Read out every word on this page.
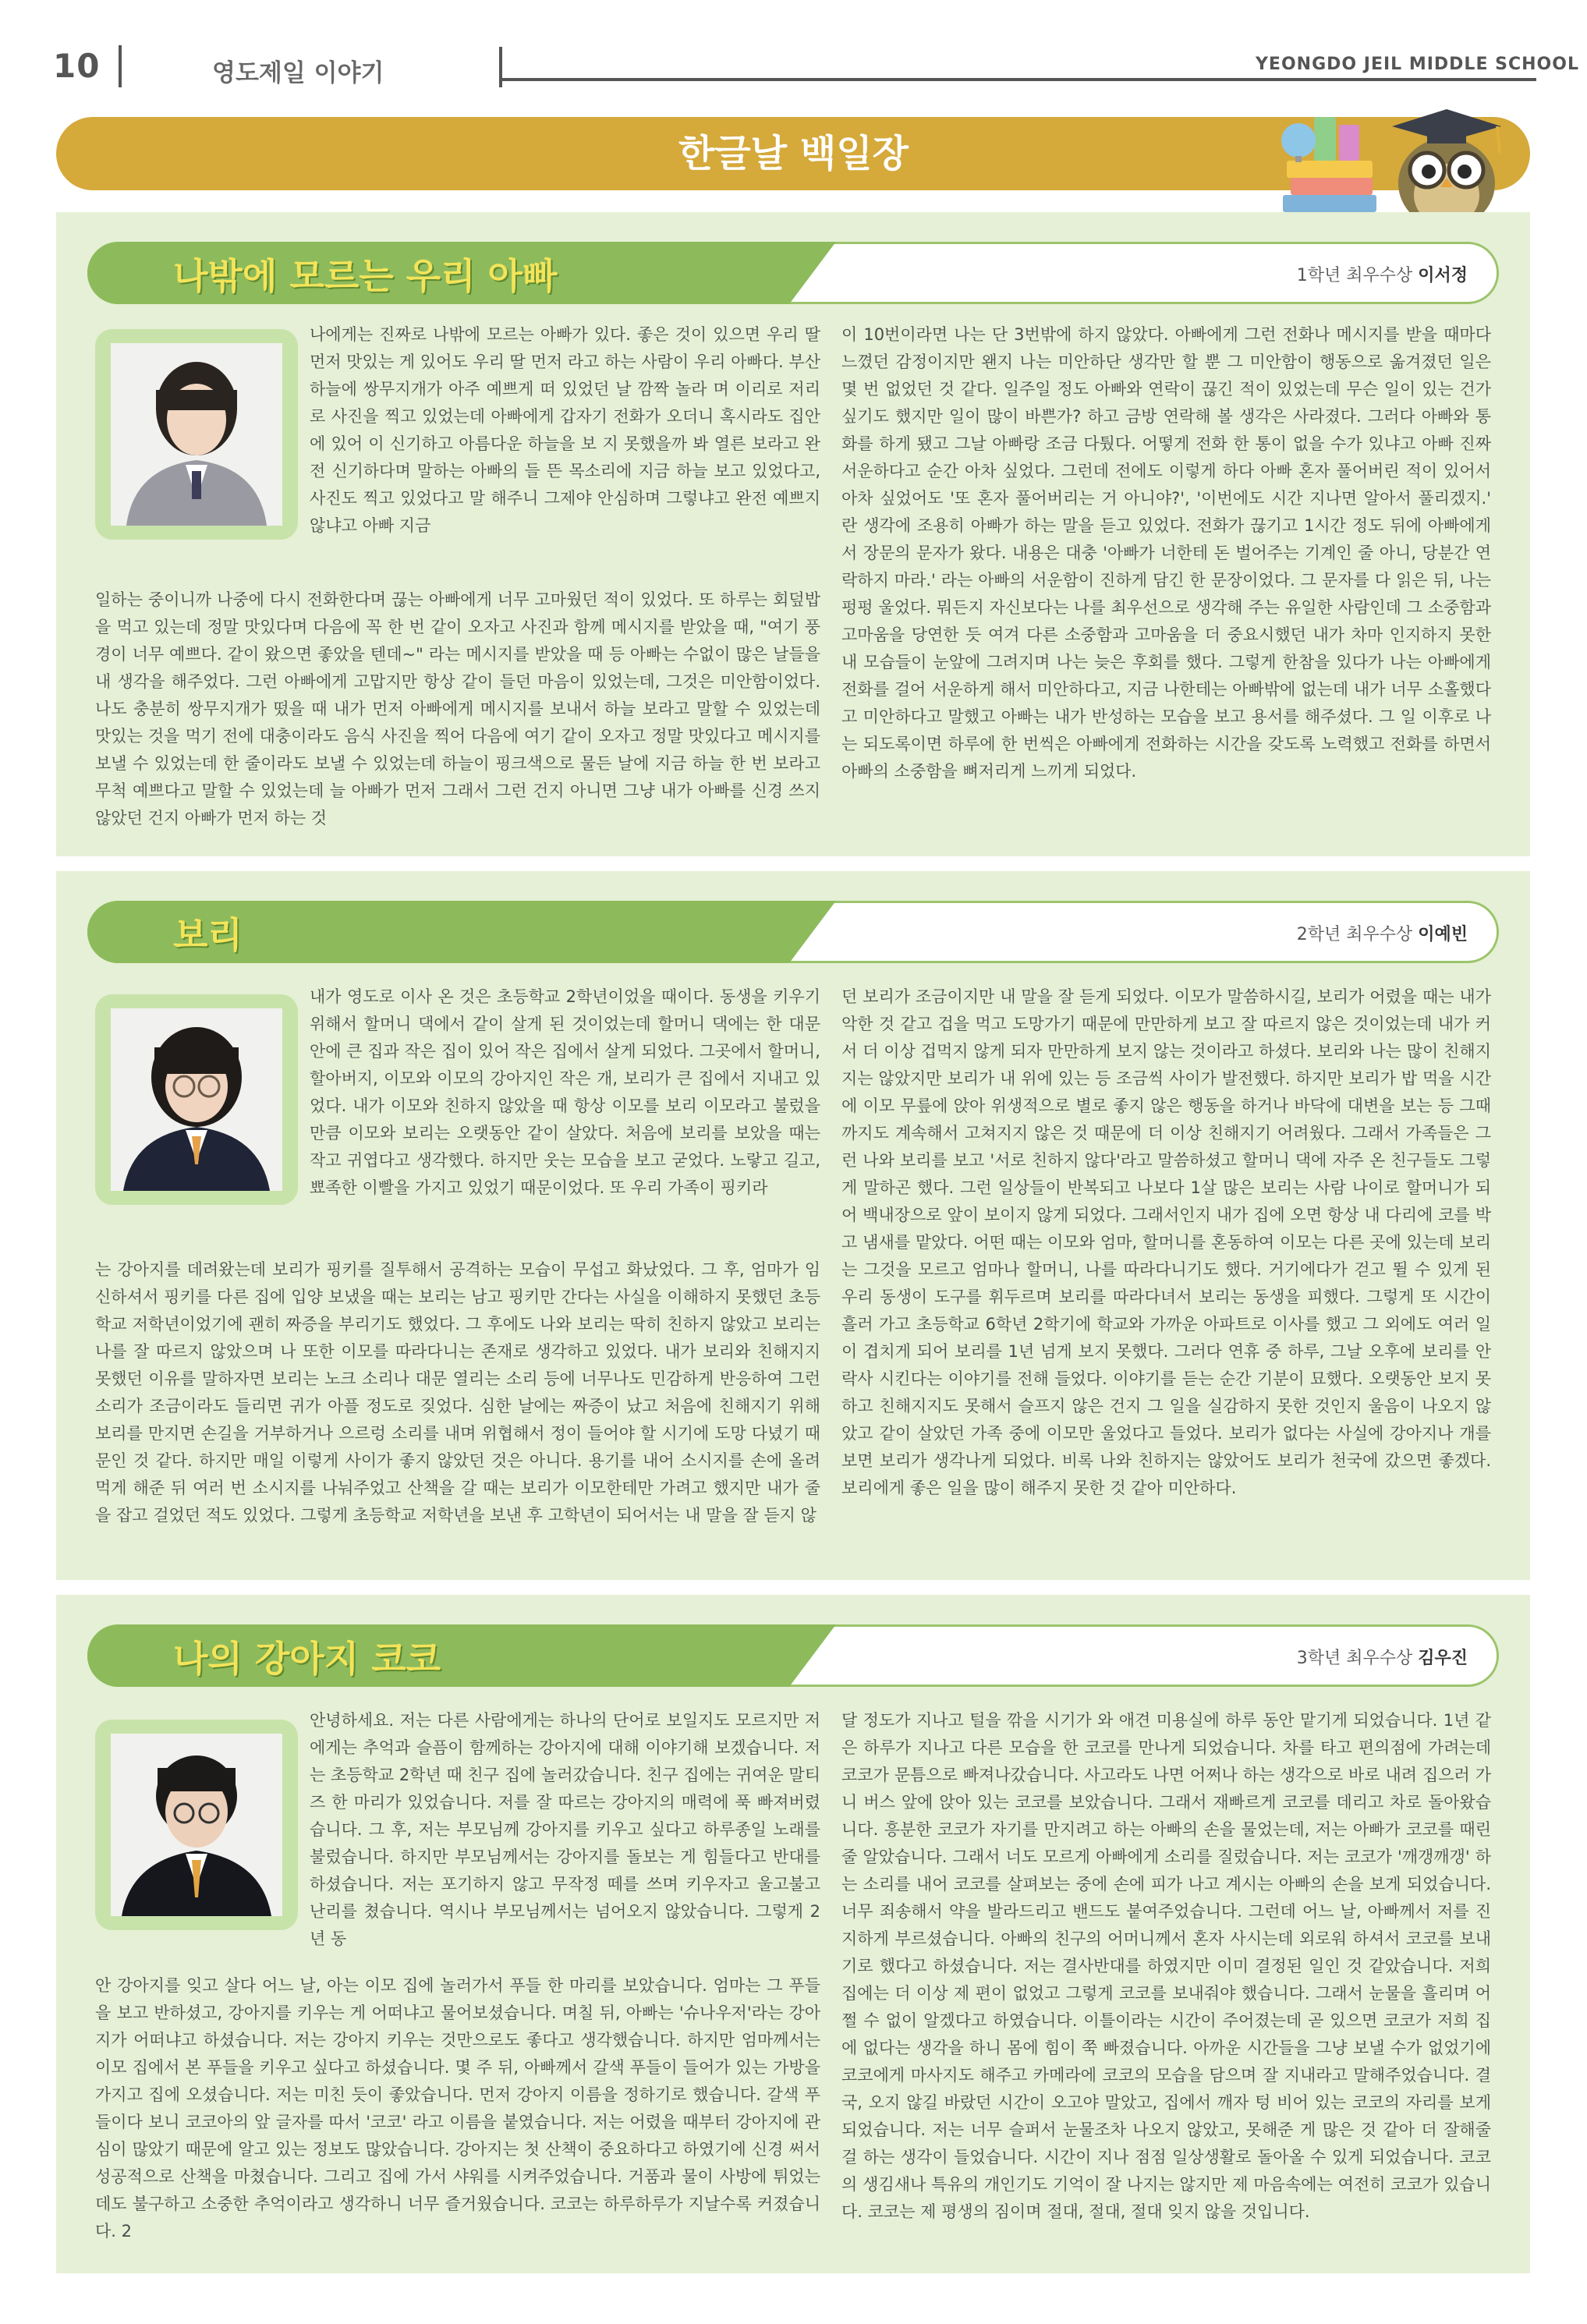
10	영도제일 이야기	YEONGDO JEIL MIDDLE SCHOOL
한글날 백일장
나밖에 모르는 우리 아빠	1학년 최우수상 이서정
나에게는 진짜로 나밖에 모르는 아빠가 있다. 좋은 것이 있으면 우리 딸 먼저 맛있는 게 있어도 우리 딸 먼저 라고 하는 사람이 우리 아빠다. 부산 하늘에 쌍무지개가 아주 예쁘게 떠 있었던 날 깜짝 놀라 며 이리로 저리로 사진을 찍고 있었는데 아빠에게 갑자기 전화가 오더니 혹시라도 집안에 있어 이 신기하고 아름다운 하늘을 보 지 못했을까 봐 열른 보라고 완전 신기하다며 말하는 아빠의 들 뜬 목소리에 지금 하늘 보고 있었다고, 사진도 찍고 있었다고 말 해주니 그제야 안심하며 그렇냐고 완전 예쁘지 않냐고 아빠 지금
일하는 중이니까 나중에 다시 전화한다며 끊는 아빠에게 너무 고마웠던 적이 있었다. 또 하루는 회덮밥을 먹고 있는데 정말 맛있다며 다음에 꼭 한 번 같이 오자고 사진과 함께 메시지를 받았을 때, "여기 풍경이 너무 예쁘다. 같이 왔으면 좋았을 텐데~" 라는 메시지를 받았을 때 등 아빠는 수없이 많은 날들을 내 생각을 해주었다. 그런 아빠에게 고맙지만 항상 같이 들던 마음이 있었는데, 그것은 미안함이었다. 나도 충분히 쌍무지개가 떴을 때 내가 먼저 아빠에게 메시지를 보내서 하늘 보라고 말할 수 있었는데 맛있는 것을 먹기 전에 대충이라도 음식 사진을 찍어 다음에 여기 같이 오자고 정말 맛있다고 메시지를 보낼 수 있었는데 한 줄이라도 보낼 수 있었는데 하늘이 핑크색으로 물든 날에 지금 하늘 한 번 보라고 무척 예쁘다고 말할 수 있었는데 늘 아빠가 먼저 그래서 그런 건지 아니면 그냥 내가 아빠를 신경 쓰지 않았던 건지 아빠가 먼저 하는 것
이 10번이라면 나는 단 3번밖에 하지 않았다. 아빠에게 그런 전화나 메시지를 받을 때마다 느꼈던 감정이지만 왠지 나는 미안하단 생각만 할 뿐 그 미안함이 행동으로 옮겨졌던 일은 몇 번 없었던 것 같다. 일주일 정도 아빠와 연락이 끊긴 적이 있었는데 무슨 일이 있는 건가 싶기도 했지만 일이 많이 바쁜가? 하고 금방 연락해 볼 생각은 사라졌다. 그러다 아빠와 통화를 하게 됐고 그날 아빠랑 조금 다퉜다. 어떻게 전화 한 통이 없을 수가 있냐고 아빠 진짜 서운하다고 순간 아차 싶었다. 그런데 전에도 이렇게 하다 아빠 혼자 풀어버린 적이 있어서 아차 싶었어도 '또 혼자 풀어버리는 거 아니야?', '이번에도 시간 지나면 알아서 풀리겠지.' 란 생각에 조용히 아빠가 하는 말을 듣고 있었다. 전화가 끊기고 1시간 정도 뒤에 아빠에게서 장문의 문자가 왔다. 내용은 대충 '아빠가 너한테 돈 벌어주는 기계인 줄 아니, 당분간 연락하지 마라.' 라는 아빠의 서운함이 진하게 담긴 한 문장이었다. 그 문자를 다 읽은 뒤, 나는 펑펑 울었다. 뭐든지 자신보다는 나를 최우선으로 생각해 주는 유일한 사람인데 그 소중함과 고마움을 당연한 듯 여겨 다른 소중함과 고마움을 더 중요시했던 내가 차마 인지하지 못한 내 모습들이 눈앞에 그려지며 나는 늦은 후회를 했다. 그렇게 한참을 있다가 나는 아빠에게 전화를 걸어 서운하게 해서 미안하다고, 지금 나한테는 아빠밖에 없는데 내가 너무 소홀했다고 미안하다고 말했고 아빠는 내가 반성하는 모습을 보고 용서를 해주셨다. 그 일 이후로 나는 되도록이면 하루에 한 번씩은 아빠에게 전화하는 시간을 갖도록 노력했고 전화를 하면서 아빠의 소중함을 뼈저리게 느끼게 되었다.
보리	2학년 최우수상 이예빈
내가 영도로 이사 온 것은 초등학교 2학년이었을 때이다. 동생을 키우기 위해서 할머니 댁에서 같이 살게 된 것이었는데 할머니 댁에는 한 대문 안에 큰 집과 작은 집이 있어 작은 집에서 살게 되었다. 그곳에서 할머니, 할아버지, 이모와 이모의 강아지인 작은 개, 보리가 큰 집에서 지내고 있었다. 내가 이모와 친하지 않았을 때 항상 이모를 보리 이모라고 불렀을 만큼 이모와 보리는 오랫동안 같이 살았다. 처음에 보리를 보았을 때는 작고 귀엽다고 생각했다. 하지만 웃는 모습을 보고 굳었다. 노랗고 길고, 뾰족한 이빨을 가지고 있었기 때문이었다. 또 우리 가족이 핑키라
는 강아지를 데려왔는데 보리가 핑키를 질투해서 공격하는 모습이 무섭고 화났었다. 그 후, 엄마가 임신하셔서 핑키를 다른 집에 입양 보냈을 때는 보리는 남고 핑키만 간다는 사실을 이해하지 못했던 초등학교 저학년이었기에 괜히 짜증을 부리기도 했었다. 그 후에도 나와 보리는 딱히 친하지 않았고 보리는 나를 잘 따르지 않았으며 나 또한 이모를 따라다니는 존재로 생각하고 있었다. 내가 보리와 친해지지 못했던 이유를 말하자면 보리는 노크 소리나 대문 열리는 소리 등에 너무나도 민감하게 반응하여 그런 소리가 조금이라도 들리면 귀가 아플 정도로 짖었다. 심한 날에는 짜증이 났고 처음에 친해지기 위해 보리를 만지면 손길을 거부하거나 으르렁 소리를 내며 위협해서 정이 들어야 할 시기에 도망 다녔기 때문인 것 같다. 하지만 매일 이렇게 사이가 좋지 않았던 것은 아니다. 용기를 내어 소시지를 손에 올려 먹게 해준 뒤 여러 번 소시지를 나눠주었고 산책을 갈 때는 보리가 이모한테만 가려고 했지만 내가 줄을 잡고 걸었던 적도 있었다. 그렇게 초등학교 저학년을 보낸 후 고학년이 되어서는 내 말을 잘 듣지 않
던 보리가 조금이지만 내 말을 잘 듣게 되었다. 이모가 말씀하시길, 보리가 어렸을 때는 내가 악한 것 같고 겁을 먹고 도망가기 때문에 만만하게 보고 잘 따르지 않은 것이었는데 내가 커서 더 이상 겁먹지 않게 되자 만만하게 보지 않는 것이라고 하셨다. 보리와 나는 많이 친해지지는 않았지만 보리가 내 위에 있는 등 조금씩 사이가 발전했다. 하지만 보리가 밥 먹을 시간에 이모 무릎에 앉아 위생적으로 별로 좋지 않은 행동을 하거나 바닥에 대변을 보는 등 그때까지도 계속해서 고쳐지지 않은 것 때문에 더 이상 친해지기 어려웠다. 그래서 가족들은 그런 나와 보리를 보고 '서로 친하지 않다'라고 말씀하셨고 할머니 댁에 자주 온 친구들도 그렇게 말하곤 했다. 그런 일상들이 반복되고 나보다 1살 많은 보리는 사람 나이로 할머니가 되어 백내장으로 앞이 보이지 않게 되었다. 그래서인지 내가 집에 오면 항상 내 다리에 코를 박고 냄새를 맡았다. 어떤 때는 이모와 엄마, 할머니를 혼동하여 이모는 다른 곳에 있는데 보리는 그것을 모르고 엄마나 할머니, 나를 따라다니기도 했다. 거기에다가 걷고 뛸 수 있게 된 우리 동생이 도구를 휘두르며 보리를 따라다녀서 보리는 동생을 피했다. 그렇게 또 시간이 흘러 가고 초등학교 6학년 2학기에 학교와 가까운 아파트로 이사를 했고 그 외에도 여러 일이 겹치게 되어 보리를 1년 넘게 보지 못했다. 그러다 연휴 중 하루, 그날 오후에 보리를 안락사 시킨다는 이야기를 전해 들었다. 이야기를 듣는 순간 기분이 묘했다. 오랫동안 보지 못하고 친해지지도 못해서 슬프지 않은 건지 그 일을 실감하지 못한 것인지 울음이 나오지 않았고 같이 살았던 가족 중에 이모만 울었다고 들었다. 보리가 없다는 사실에 강아지나 개를 보면 보리가 생각나게 되었다. 비록 나와 친하지는 않았어도 보리가 천국에 갔으면 좋겠다. 보리에게 좋은 일을 많이 해주지 못한 것 같아 미안하다.
나의 강아지 코코	3학년 최우수상 김우진
안녕하세요. 저는 다른 사람에게는 하나의 단어로 보일지도 모르지만 저에게는 추억과 슬픔이 함께하는 강아지에 대해 이야기해 보겠습니다. 저는 초등학교 2학년 때 친구 집에 놀러갔습니다. 친구 집에는 귀여운 말티즈 한 마리가 있었습니다. 저를 잘 따르는 강아지의 매력에 푹 빠져버렸습니다. 그 후, 저는 부모님께 강아지를 키우고 싶다고 하루종일 노래를 불렀습니다. 하지만 부모님께서는 강아지를 돌보는 게 힘들다고 반대를 하셨습니다. 저는 포기하지 않고 무작정 떼를 쓰며 키우자고 울고불고 난리를 쳤습니다. 역시나 부모님께서는 넘어오지 않았습니다. 그렇게 2년 동
안 강아지를 잊고 살다 어느 날, 아는 이모 집에 놀러가서 푸들 한 마리를 보았습니다. 엄마는 그 푸들을 보고 반하셨고, 강아지를 키우는 게 어떠냐고 물어보셨습니다. 며칠 뒤, 아빠는 '슈나우저'라는 강아지가 어떠냐고 하셨습니다. 저는 강아지 키우는 것만으로도 좋다고 생각했습니다. 하지만 엄마께서는 이모 집에서 본 푸들을 키우고 싶다고 하셨습니다. 몇 주 뒤, 아빠께서 갈색 푸들이 들어가 있는 가방을 가지고 집에 오셨습니다. 저는 미친 듯이 좋았습니다. 먼저 강아지 이름을 정하기로 했습니다. 갈색 푸들이다 보니 코코아의 앞 글자를 따서 '코코' 라고 이름을 붙였습니다. 저는 어렸을 때부터 강아지에 관심이 많았기 때문에 알고 있는 정보도 많았습니다. 강아지는 첫 산책이 중요하다고 하였기에 신경 써서 성공적으로 산책을 마쳤습니다. 그리고 집에 가서 샤워를 시켜주었습니다. 거품과 물이 사방에 튀었는데도 불구하고 소중한 추억이라고 생각하니 너무 즐거웠습니다. 코코는 하루하루가 지날수록 커졌습니다. 2
달 정도가 지나고 털을 깎을 시기가 와 애견 미용실에 하루 동안 맡기게 되었습니다. 1년 같은 하루가 지나고 다른 모습을 한 코코를 만나게 되었습니다. 차를 타고 편의점에 가려는데 코코가 문틈으로 빠져나갔습니다. 사고라도 나면 어쩌나 하는 생각으로 바로 내려 집으러 가니 버스 앞에 앉아 있는 코코를 보았습니다. 그래서 재빠르게 코코를 데리고 차로 돌아왔습니다. 흥분한 코코가 자기를 만지려고 하는 아빠의 손을 물었는데, 저는 아빠가 코코를 때린 줄 알았습니다. 그래서 너도 모르게 아빠에게 소리를 질렀습니다. 저는 코코가 '깨갱깨갱' 하는 소리를 내어 코코를 살펴보는 중에 손에 피가 나고 계시는 아빠의 손을 보게 되었습니다. 너무 죄송해서 약을 발라드리고 밴드도 붙여주었습니다. 그런데 어느 날, 아빠께서 저를 진지하게 부르셨습니다. 아빠의 친구의 어머니께서 혼자 사시는데 외로워 하셔서 코코를 보내기로 했다고 하셨습니다. 저는 결사반대를 하였지만 이미 결정된 일인 것 같았습니다. 저희 집에는 더 이상 제 편이 없었고 그렇게 코코를 보내줘야 했습니다. 그래서 눈물을 흘리며 어쩔 수 없이 알겠다고 하였습니다. 이틀이라는 시간이 주어졌는데 곧 있으면 코코가 저희 집에 없다는 생각을 하니 몸에 힘이 쭉 빠졌습니다. 아까운 시간들을 그냥 보낼 수가 없었기에 코코에게 마사지도 해주고 카메라에 코코의 모습을 담으며 잘 지내라고 말해주었습니다. 결국, 오지 않길 바랐던 시간이 오고야 말았고, 집에서 깨자 텅 비어 있는 코코의 자리를 보게 되었습니다. 저는 너무 슬퍼서 눈물조차 나오지 않았고, 못해준 게 많은 것 같아 더 잘해줄 걸 하는 생각이 들었습니다. 시간이 지나 점점 일상생활로 돌아올 수 있게 되었습니다. 코코의 생김새나 특유의 개인기도 기억이 잘 나지는 않지만 제 마음속에는 여전히 코코가 있습니다. 코코는 제 평생의 짐이며 절대, 절대, 절대 잊지 않을 것입니다.
